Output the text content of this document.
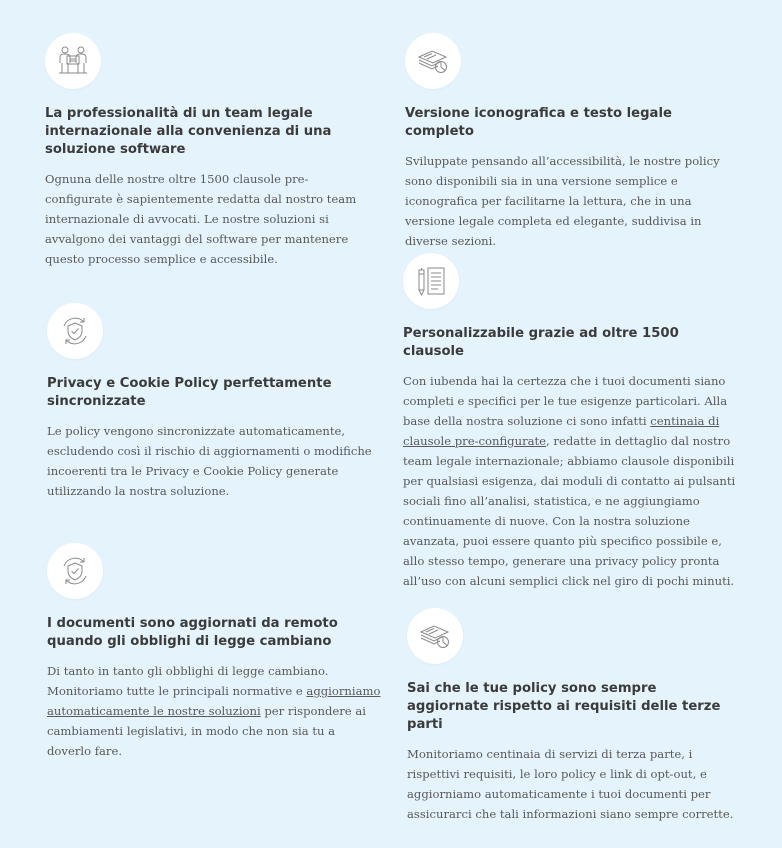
La professionalità di un team legale internazionale alla convenienza di una soluzione software

Ognuna delle nostre oltre 1500 clausole pre-configurate è sapientemente redatta dal nostro team internazionale di avvocati. Le nostre soluzioni si avvalgono dei vantaggi del software per mantenere questo processo semplice e accessibile.

Versione iconografica e testo legale completo

Sviluppate pensando all’accessibilità, le nostre policy sono disponibili sia in una versione semplice e iconografica per facilitarne la lettura, che in una versione legale completa ed elegante, suddivisa in diverse sezioni.

Privacy e Cookie Policy perfettamente sincronizzate

Le policy vengono sincronizzate automaticamente, escludendo così il rischio di aggiornamenti o modifiche incoerenti tra le Privacy e Cookie Policy generate utilizzando la nostra soluzione.

Personalizzabile grazie ad oltre 1500 clausole

Con iubenda hai la certezza che i tuoi documenti siano completi e specifici per le tue esigenze particolari. Alla base della nostra soluzione ci sono infatti centinaia di clausole pre-configurate, redatte in dettaglio dal nostro team legale internazionale; abbiamo clausole disponibili per qualsiasi esigenza, dai moduli di contatto ai pulsanti sociali fino all’analisi, statistica, e ne aggiungiamo continuamente di nuove. Con la nostra soluzione avanzata, puoi essere quanto più specifico possibile e, allo stesso tempo, generare una privacy policy pronta all’uso con alcuni semplici click nel giro di pochi minuti.

I documenti sono aggiornati da remoto quando gli obblighi di legge cambiano

Di tanto in tanto gli obblighi di legge cambiano. Monitoriamo tutte le principali normative e aggiorniamo automaticamente le nostre soluzioni per rispondere ai cambiamenti legislativi, in modo che non sia tu a doverlo fare.

Sai che le tue policy sono sempre aggiornate rispetto ai requisiti delle terze parti

Monitoriamo centinaia di servizi di terza parte, i rispettivi requisiti, le loro policy e link di opt-out, e aggiorniamo automaticamente i tuoi documenti per assicurarci che tali informazioni siano sempre corrette.
